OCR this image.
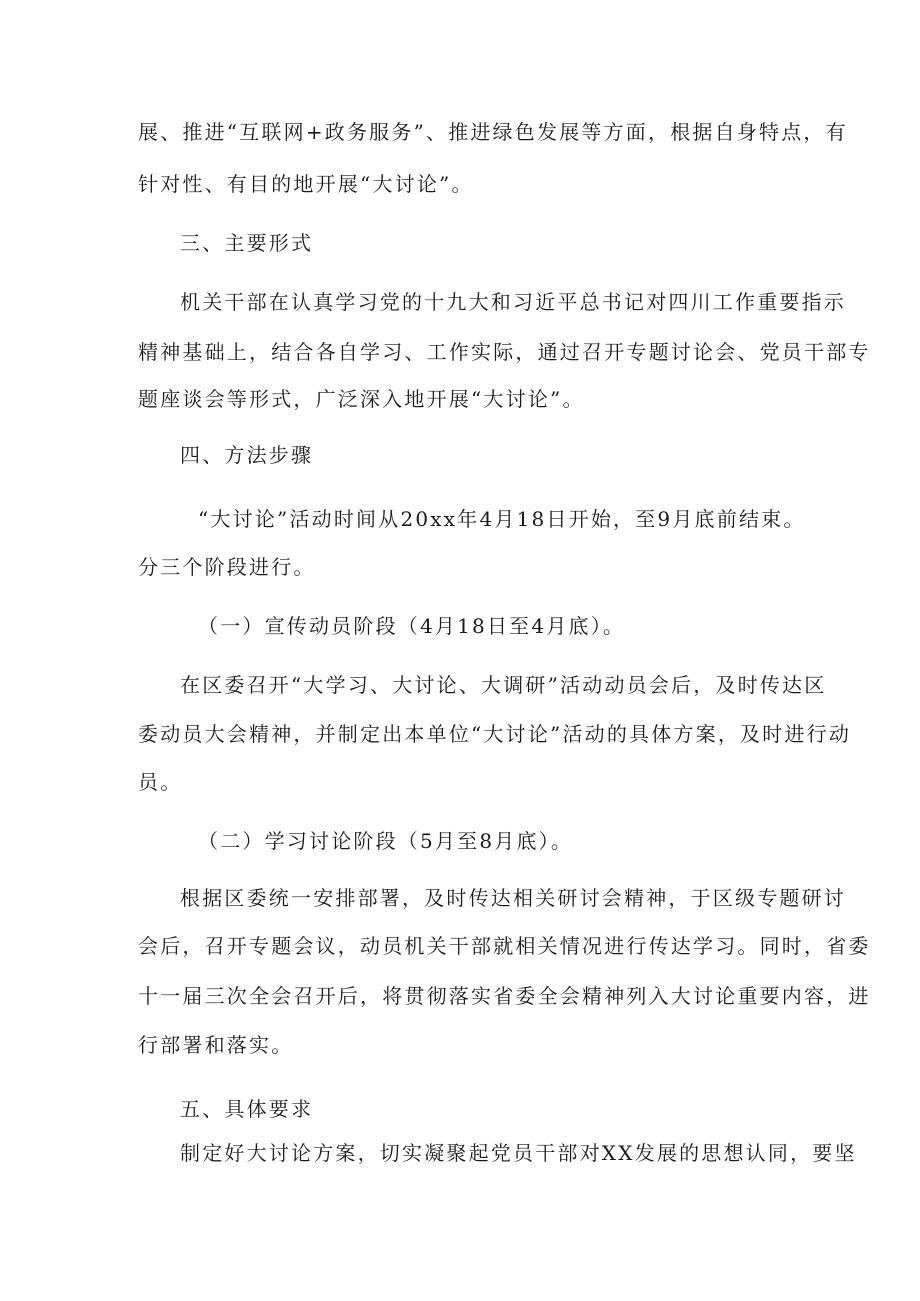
展、推进“互联网+政务服务”、推进绿色发展等方面，根据自身特点，有
针对性、有目的地开展“大讨论”。
三、主要形式
机关干部在认真学习党的十九大和习近平总书记对四川工作重要指示
精神基础上，结合各自学习、工作实际，通过召开专题讨论会、党员干部专
题座谈会等形式，广泛深入地开展“大讨论”。
四、方法步骤
“大讨论”活动时间从20xx年4月18日开始，至9月底前结束。
分三个阶段进行。
（一）宣传动员阶段（4月18日至4月底）。
在区委召开“大学习、大讨论、大调研”活动动员会后，及时传达区
委动员大会精神，并制定出本单位“大讨论”活动的具体方案，及时进行动
员。
（二）学习讨论阶段（5月至8月底）。
根据区委统一安排部署，及时传达相关研讨会精神，于区级专题研讨
会后，召开专题会议，动员机关干部就相关情况进行传达学习。同时，省委
十一届三次全会召开后，将贯彻落实省委全会精神列入大讨论重要内容，进
行部署和落实。
五、具体要求
制定好大讨论方案，切实凝聚起党员干部对XX发展的思想认同，要坚
